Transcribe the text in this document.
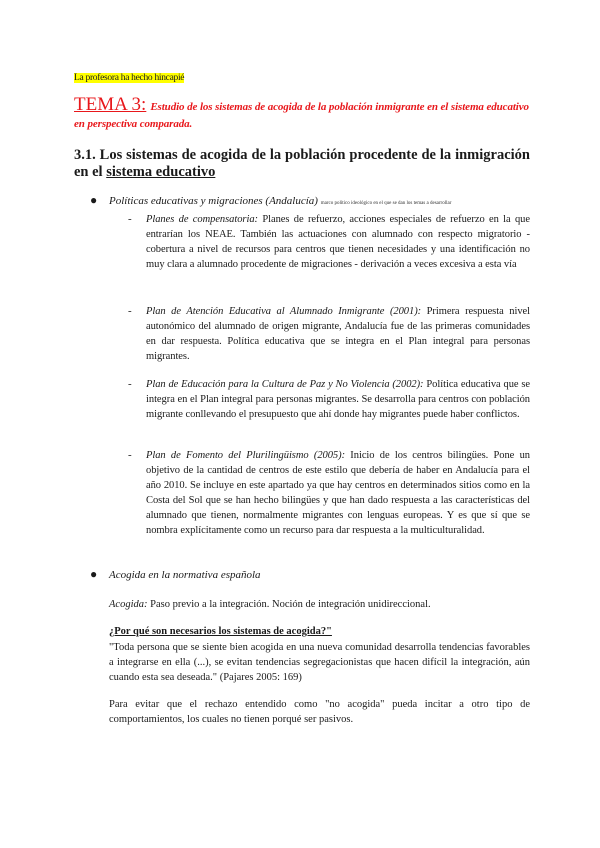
La profesora ha hecho hincapié
TEMA 3: Estudio de los sistemas de acogida de la población inmigrante en el sistema educativo en perspectiva comparada.
3.1. Los sistemas de acogida de la población procedente de la inmigración en el sistema educativo
● Políticas educativas y migraciones (Andalucía) marco político ideológico en el que se dan los temas a desarrollar
- Planes de compensatoria: Planes de refuerzo, acciones especiales de refuerzo en la que entrarían los NEAE. También las actuaciones con alumnado con respecto migratorio - cobertura a nivel de recursos para centros que tienen necesidades y una identificación no muy clara a alumnado procedente de migraciones - derivación a veces excesiva a esta vía
- Plan de Atención Educativa al Alumnado Inmigrante (2001): Primera respuesta nivel autonómico del alumnado de origen migrante, Andalucía fue de las primeras comunidades en dar respuesta. Política educativa que se integra en el Plan integral para personas migrantes.
- Plan de Educación para la Cultura de Paz y No Violencia (2002): Política educativa que se integra en el Plan integral para personas migrantes. Se desarrolla para centros con población migrante conllevando el presupuesto que ahí donde hay migrantes puede haber conflictos.
- Plan de Fomento del Plurilingüismo (2005): Inicio de los centros bilingües. Pone un objetivo de la cantidad de centros de este estilo que debería de haber en Andalucía para el año 2010. Se incluye en este apartado ya que hay centros en determinados sitios como en la Costa del Sol que se han hecho bilingües y que han dado respuesta a las características del alumnado que tienen, normalmente migrantes con lenguas europeas. Y es que sí que se nombra explícitamente como un recurso para dar respuesta a la multiculturalidad.
● Acogida en la normativa española
Acogida: Paso previo a la integración. Noción de integración unidireccional.
¿Por qué son necesarios los sistemas de acogida?"
"Toda persona que se siente bien acogida en una nueva comunidad desarrolla tendencias favorables a integrarse en ella (...), se evitan tendencias segregacionistas que hacen difícil la integración, aún cuando esta sea deseada." (Pajares 2005: 169)
Para evitar que el rechazo entendido como "no acogida" pueda incitar a otro tipo de comportamientos, los cuales no tienen porqué ser pasivos.
